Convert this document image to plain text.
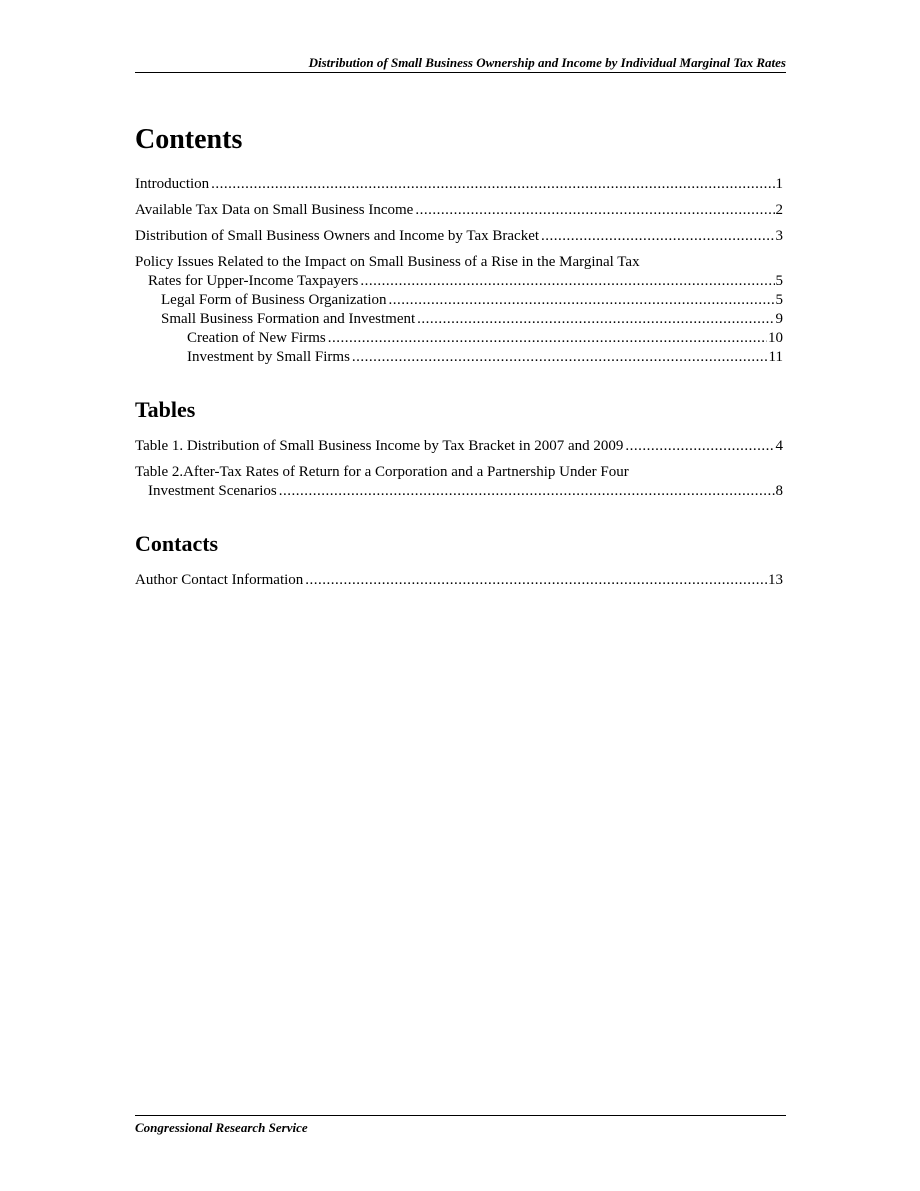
Distribution of Small Business Ownership and Income by Individual Marginal Tax Rates
Contents
Introduction .....	1
Available Tax Data on Small Business Income .....	2
Distribution of Small Business Owners and Income by Tax Bracket .....	3
Policy Issues Related to the Impact on Small Business of a Rise in the Marginal Tax
Rates for Upper-Income Taxpayers .....	5
Legal Form of Business Organization .....	5
Small Business Formation and Investment .....	9
Creation of New Firms .....	10
Investment by Small Firms .....	11
Tables
Table 1. Distribution of Small Business Income by Tax Bracket in 2007 and 2009 .....	4
Table 2.After-Tax Rates of Return for a Corporation and a Partnership Under Four
Investment Scenarios .....	8
Contacts
Author Contact Information .....	13
Congressional Research Service
